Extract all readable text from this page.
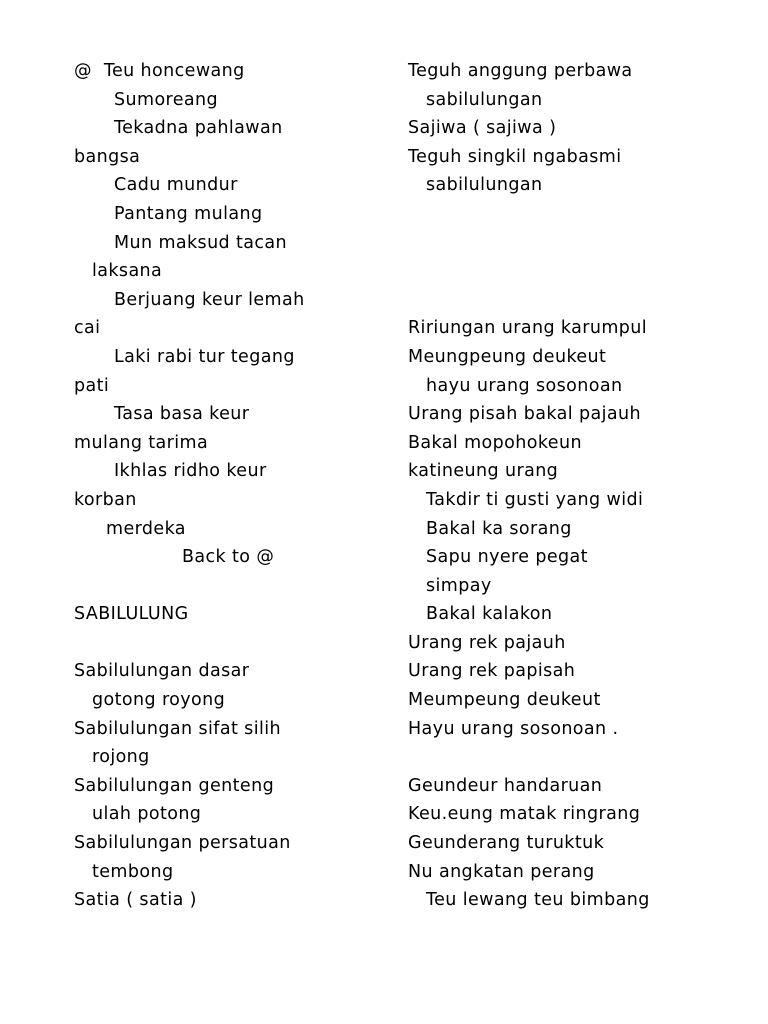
@  Teu honcewang
Sumoreang
Tekadna pahlawan
bangsa
Cadu mundur
Pantang mulang
Mun maksud tacan
laksana
Berjuang keur lemah
cai
Laki rabi tur tegang
pati
Tasa basa keur
mulang tarima
Ikhlas ridho keur
korban
merdeka
Back to @
SABILULUNG
Sabilulungan dasar
gotong royong
Sabilulungan sifat silih
rojong
Sabilulungan genteng
ulah potong
Sabilulungan persatuan
tembong
Satia ( satia )
Teguh anggung perbawa
sabilulungan
Sajiwa ( sajiwa )
Teguh singkil ngabasmi
sabilulungan
Ririungan urang karumpul
Meungpeung deukeut
hayu urang sosonoan
Urang pisah bakal pajauh
Bakal mopohokeun
katineung urang
Takdir ti gusti yang widi
Bakal ka sorang
Sapu nyere pegat
simpay
Bakal kalakon
Urang rek pajauh
Urang rek papisah
Meumpeung deukeut
Hayu urang sosonoan .
Geundeur handaruan
Keu.eung matak ringrang
Geunderang turuktuk
Nu angkatan perang
Teu lewang teu bimbang
